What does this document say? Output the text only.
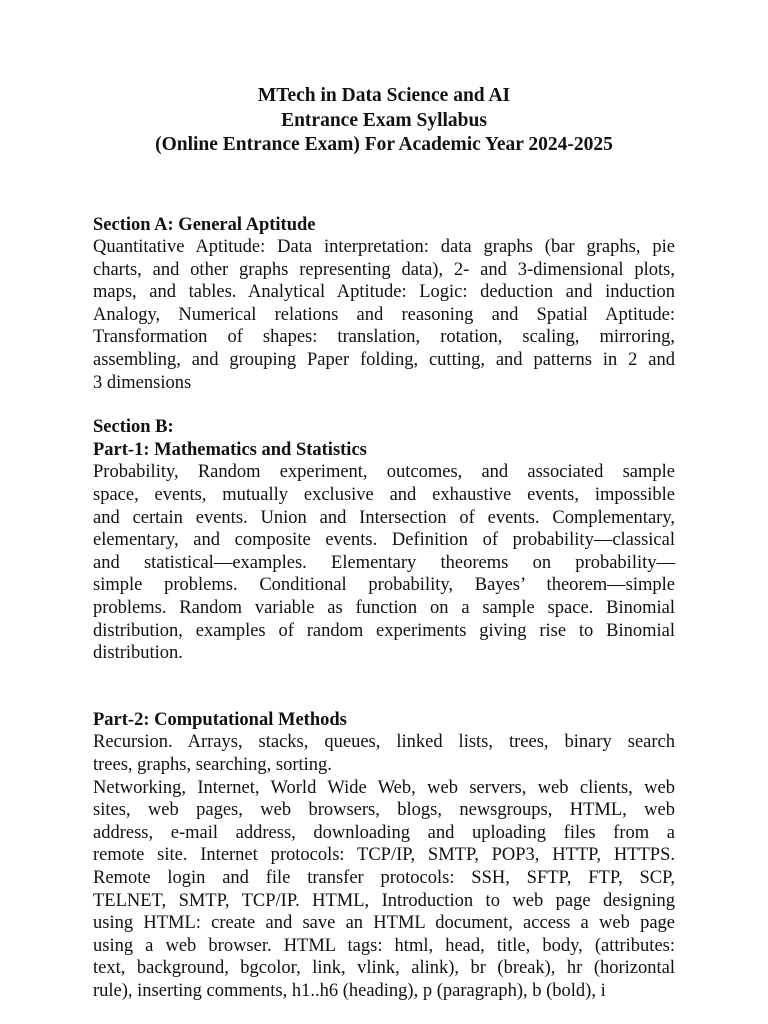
MTech in Data Science and AI
Entrance Exam Syllabus
(Online Entrance Exam) For Academic Year 2024-2025
Section A: General Aptitude
Quantitative Aptitude: Data interpretation: data graphs (bar graphs, pie
charts, and other graphs representing data), 2- and 3-dimensional plots,
maps, and tables. Analytical Aptitude: Logic: deduction and induction
Analogy, Numerical relations and reasoning and Spatial Aptitude:
Transformation of shapes: translation, rotation, scaling, mirroring,
assembling, and grouping Paper folding, cutting, and patterns in 2 and
3 dimensions
Section B:
Part-1: Mathematics and Statistics
Probability, Random experiment, outcomes, and associated sample
space, events, mutually exclusive and exhaustive events, impossible
and certain events. Union and Intersection of events. Complementary,
elementary, and composite events. Definition of probability—classical
and statistical—examples. Elementary theorems on probability—
simple problems. Conditional probability, Bayes’ theorem—simple
problems. Random variable as function on a sample space. Binomial
distribution, examples of random experiments giving rise to Binomial
distribution.
Part-2: Computational Methods
Recursion. Arrays, stacks, queues, linked lists, trees, binary search
trees, graphs, searching, sorting.
Networking, Internet, World Wide Web, web servers, web clients, web
sites, web pages, web browsers, blogs, newsgroups, HTML, web
address, e-mail address, downloading and uploading files from a
remote site. Internet protocols: TCP/IP, SMTP, POP3, HTTP, HTTPS.
Remote login and file transfer protocols: SSH, SFTP, FTP, SCP,
TELNET, SMTP, TCP/IP. HTML, Introduction to web page designing
using HTML: create and save an HTML document, access a web page
using a web browser. HTML tags: html, head, title, body, (attributes:
text, background, bgcolor, link, vlink, alink), br (break), hr (horizontal
rule), inserting comments, h1..h6 (heading), p (paragraph), b (bold), i
